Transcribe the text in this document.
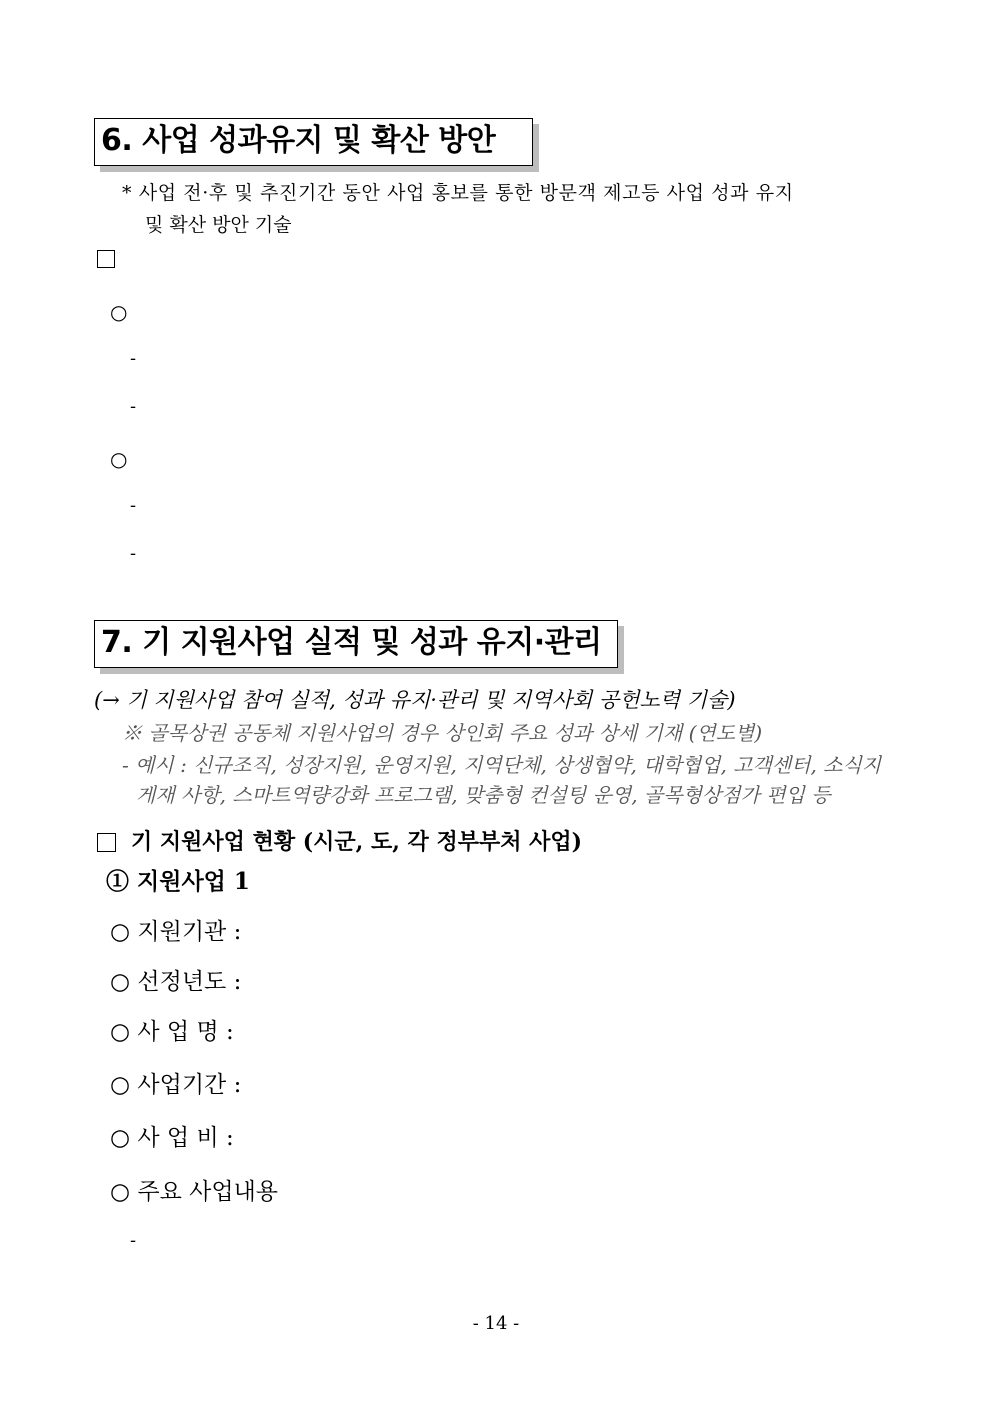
6. 사업 성과유지 및 확산 방안
* 사업 전·후 및 추진기간 동안 사업 홍보를 통한 방문객 제고등 사업 성과 유지
및 확산 방안 기술
○
-
-
○
-
-
7. 기 지원사업 실적 및 성과 유지·관리
(→ 기 지원사업 참여 실적, 성과 유지·관리 및 지역사회 공헌노력 기술)
※ 골목상권 공동체 지원사업의 경우 상인회 주요 성과 상세 기재 (연도별)
- 예시 : 신규조직, 성장지원, 운영지원, 지역단체, 상생협약, 대학협업, 고객센터, 소식지
게재 사항, 스마트역량강화 프로그램, 맞춤형 컨설팅 운영, 골목형상점가 편입 등
기 지원사업 현황 (시군, 도, 각 정부부처 사업)
① 지원사업 1
○ 지원기관 :
○ 선정년도 :
○ 사 업 명 :
○ 사업기간 :
○ 사 업 비 :
○ 주요 사업내용
-
- 14 -
